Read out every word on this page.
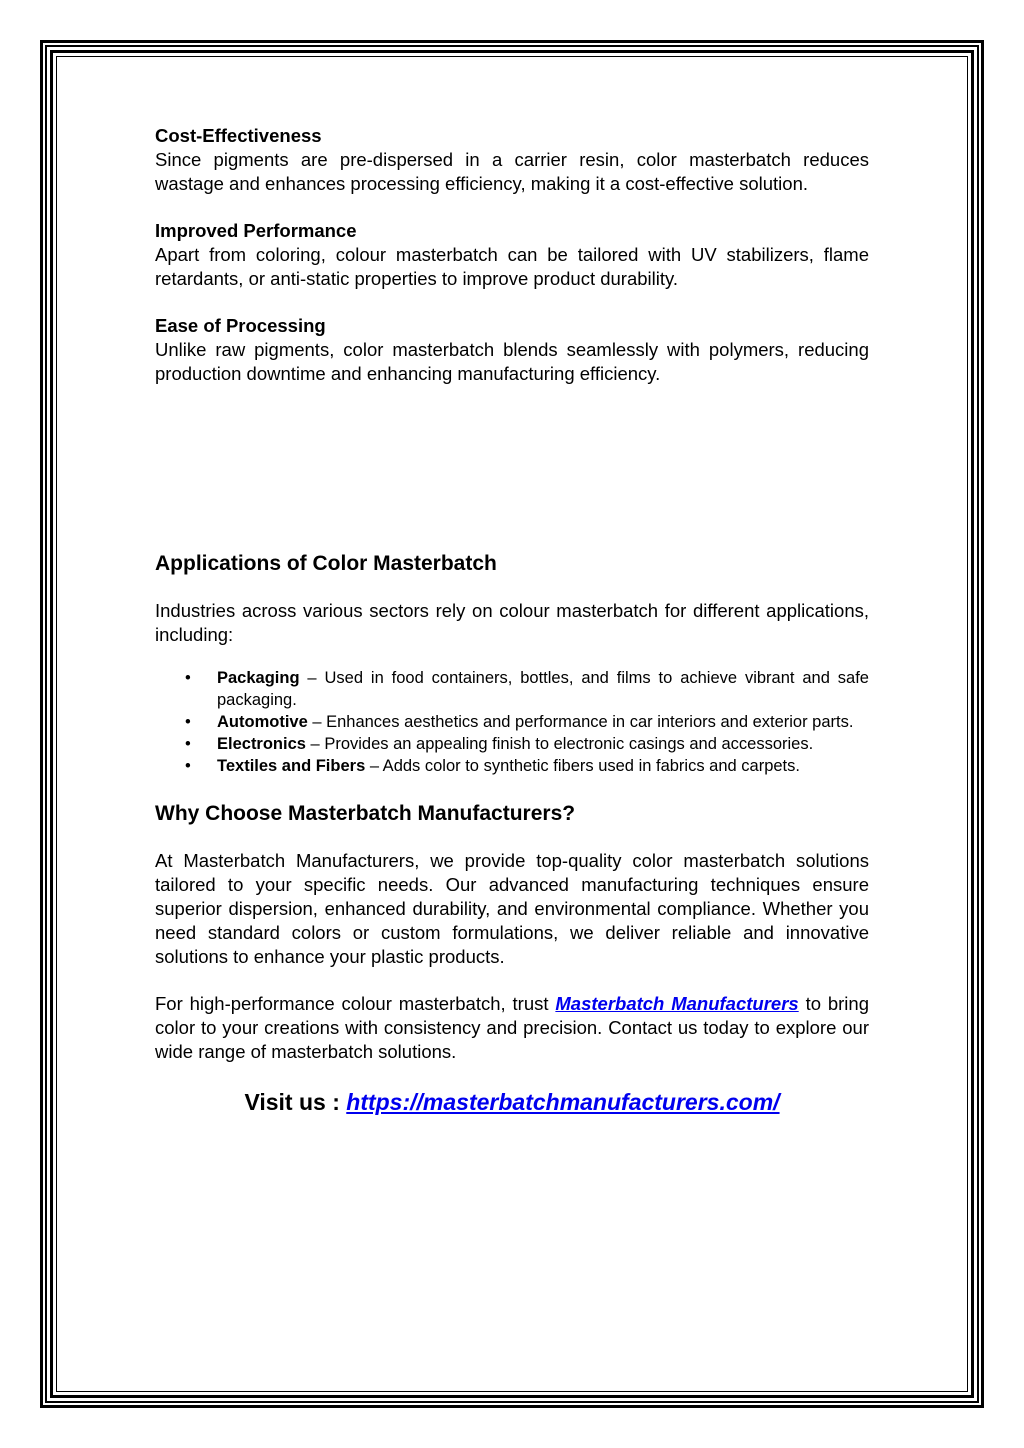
Cost-Effectiveness
Since pigments are pre-dispersed in a carrier resin, color masterbatch reduces wastage and enhances processing efficiency, making it a cost-effective solution.

Improved Performance
Apart from coloring, colour masterbatch can be tailored with UV stabilizers, flame retardants, or anti-static properties to improve product durability.

Ease of Processing
Unlike raw pigments, color masterbatch blends seamlessly with polymers, reducing production downtime and enhancing manufacturing efficiency.

Applications of Color Masterbatch

Industries across various sectors rely on colour masterbatch for different applications, including:

• Packaging – Used in food containers, bottles, and films to achieve vibrant and safe packaging.
• Automotive – Enhances aesthetics and performance in car interiors and exterior parts.
• Electronics – Provides an appealing finish to electronic casings and accessories.
• Textiles and Fibers – Adds color to synthetic fibers used in fabrics and carpets.
Why Choose Masterbatch Manufacturers?

At Masterbatch Manufacturers, we provide top-quality color masterbatch solutions tailored to your specific needs. Our advanced manufacturing techniques ensure superior dispersion, enhanced durability, and environmental compliance. Whether you need standard colors or custom formulations, we deliver reliable and innovative solutions to enhance your plastic products.

For high-performance colour masterbatch, trust Masterbatch Manufacturers to bring color to your creations with consistency and precision. Contact us today to explore our wide range of masterbatch solutions.

Visit us : https://masterbatchmanufacturers.com/
